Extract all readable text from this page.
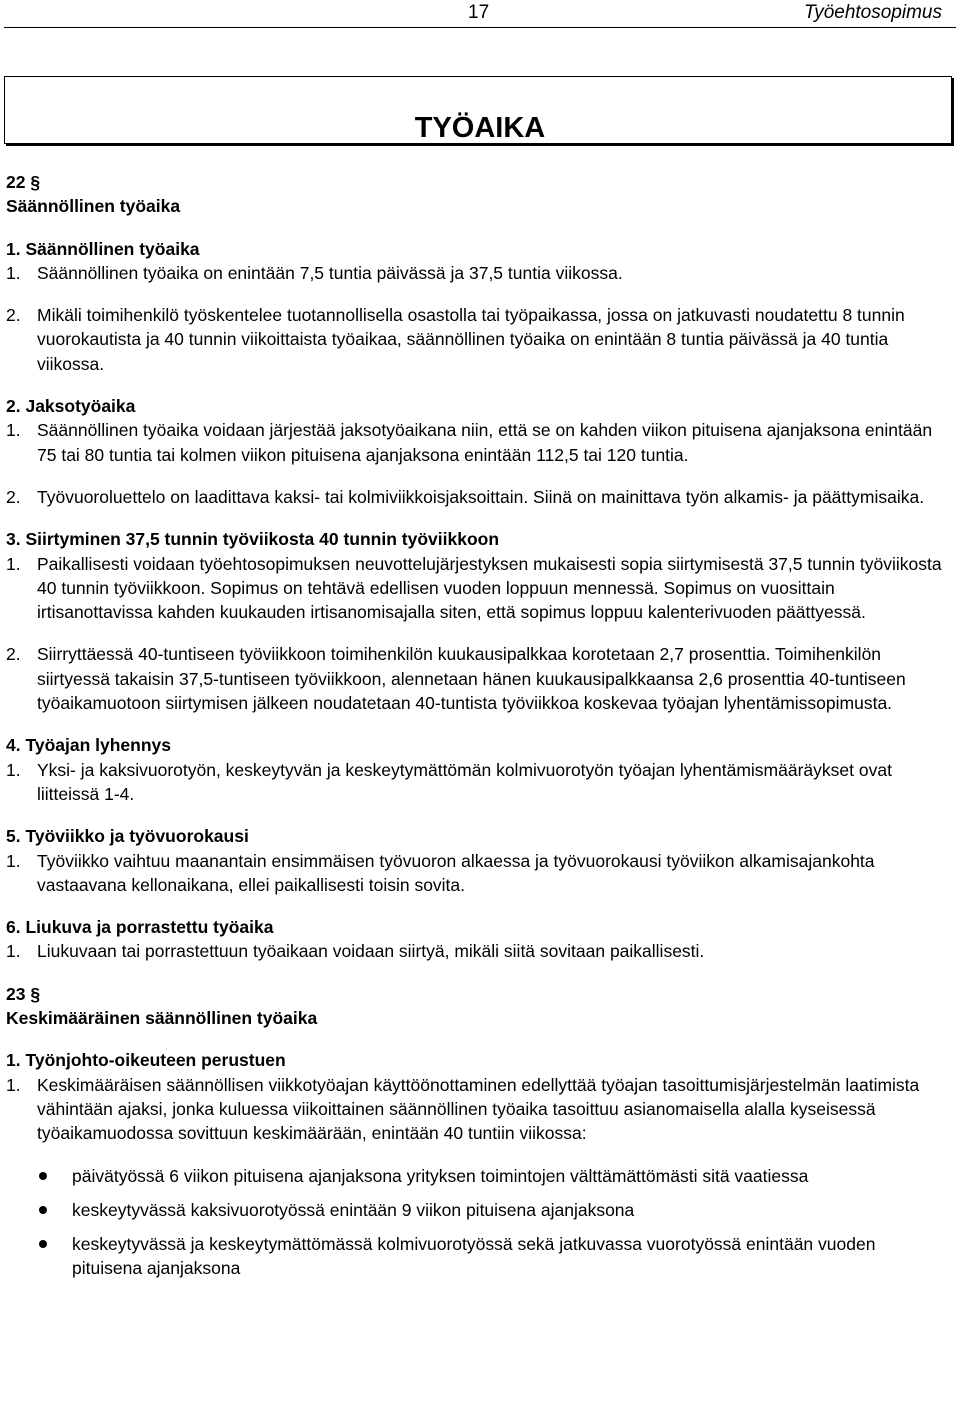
17	Työehtosopimus
TYÖAIKA

22 §

Säännöllinen työaika

1. Säännöllinen työaika

1. Säännöllinen työaika on enintään 7,5 tuntia päivässä ja 37,5 tuntia viikossa.
2. Mikäli toimihenkilö työskentelee tuotannollisella osastolla tai työpaikassa, jossa on jatkuvasti noudatettu 8 tunnin vuorokautista ja 40 tunnin viikoittaista työaikaa, säännöllinen työaika on enintään 8 tuntia päivässä ja 40 tuntia viikossa.

2. Jaksotyöaika

1. Säännöllinen työaika voidaan järjestää jaksotyöaikana niin, että se on kahden viikon pituisena ajanjaksona enintään 75 tai 80 tuntia tai kolmen viikon pituisena ajanjaksona enintään 112,5 tai 120 tuntia.
2. Työvuoroluettelo on laadittava kaksi- tai kolmiviikkoisjaksoittain. Siinä on mainittava työn alkamis- ja päättymisaika.

3. Siirtyminen 37,5 tunnin työviikosta 40 tunnin työviikkoon

1. Paikallisesti voidaan työehtosopimuksen neuvottelujärjestyksen mukaisesti sopia siirtymisestä 37,5 tunnin työviikosta 40 tunnin työviikkoon. Sopimus on tehtävä edellisen vuoden loppuun mennessä. Sopimus on vuosittain irtisanottavissa kahden kuukauden irtisanomisajalla siten, että sopimus loppuu kalenterivuoden päättyessä.
2. Siirryttäessä 40-tuntiseen työviikkoon toimihenkilön kuukausipalkkaa korotetaan 2,7 prosenttia. Toimihenkilön siirtyessä takaisin 37,5-tuntiseen työviikkoon, alennetaan hänen kuukausipalkkaansa 2,6 prosenttia 40-tuntiseen työaikamuotoon siirtymisen jälkeen noudatetaan 40-tuntista työviikkoa koskevaa työajan lyhentämissopimusta.

4. Työajan lyhennys

1. Yksi- ja kaksivuorotyön, keskeytyvän ja keskeytymättömän kolmivuorotyön työajan lyhentämismääräykset ovat liitteissä 1-4.

5. Työviikko ja työvuorokausi

1. Työviikko vaihtuu maanantain ensimmäisen työvuoron alkaessa ja työvuorokausi työviikon alkamisajankohta vastaavana kellonaikana, ellei paikallisesti toisin sovita.

6. Liukuva ja porrastettu työaika

1. Liukuvaan tai porrastettuun työaikaan voidaan siirtyä, mikäli siitä sovitaan paikallisesti.

23 §

Keskimääräinen säännöllinen työaika

1. Työnjohto-oikeuteen perustuen

1. Keskimääräisen säännöllisen viikkotyöajan käyttöönottaminen edellyttää työajan tasoittumisjärjestelmän laatimista vähintään ajaksi, jonka kuluessa viikoittainen säännöllinen työaika tasoittuu asianomaisella alalla kyseisessä työaikamuodossa sovittuun keskimäärään, enintään 40 tuntiin viikossa:
päivätyössä 6 viikon pituisena ajanjaksona yrityksen toimintojen välttämättömästi sitä vaatiessa
keskeytyvässä kaksivuorotyössä enintään 9 viikon pituisena ajanjaksona
keskeytyvässä ja keskeytymättömässä kolmivuorotyössä sekä jatkuvassa vuorotyössä enintään vuoden pituisena ajanjaksona
